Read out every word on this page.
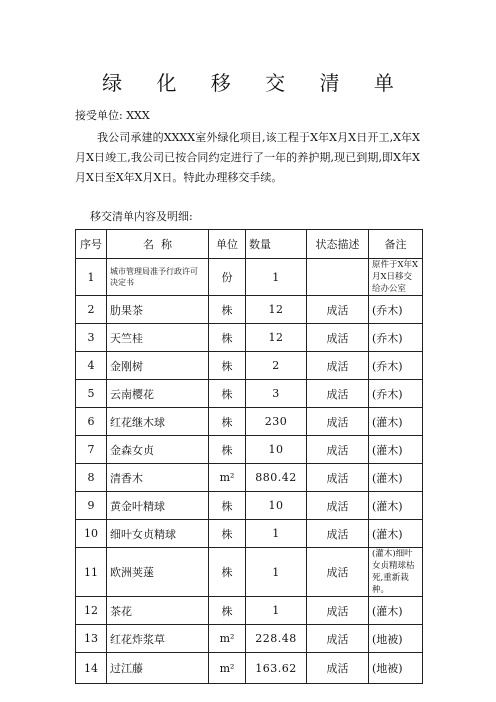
绿 化 移 交 清 单
接受单位: XXX
我公司承建的XXXX室外绿化项目,该工程于X年X月X日开工,X年X月X日竣工,我公司已按合同约定进行了一年的养护期,现已到期,即X年X月X日至X年X月X日。特此办理移交手续。
移交清单内容及明细:
序号	名  称	单位	数量	状态描述	备注
1	城市管理局准予行政许可决定书	份	1		原件于X年X月X日移交给办公室
2	肋果茶	株	12	成活	(乔木)
3	天竺桂	株	12	成活	(乔木)
4	金刚树	株	2	成活	(乔木)
5	云南樱花	株	3	成活	(乔木)
6	红花继木球	株	230	成活	(灌木)
7	金森女贞	株	10	成活	(灌木)
8	清香木	m²	880.42	成活	(灌木)
9	黄金叶精球	株	10	成活	(灌木)
10	细叶女贞精球	株	1	成活	(灌木)
11	欧洲荚蒾	株	1	成活	(灌木)细叶女贞精球枯死,重新栽种。
12	茶花	株	1	成活	(灌木)
13	红花炸浆草	m²	228.48	成活	(地被)
14	过江藤	m²	163.62	成活	(地被)
